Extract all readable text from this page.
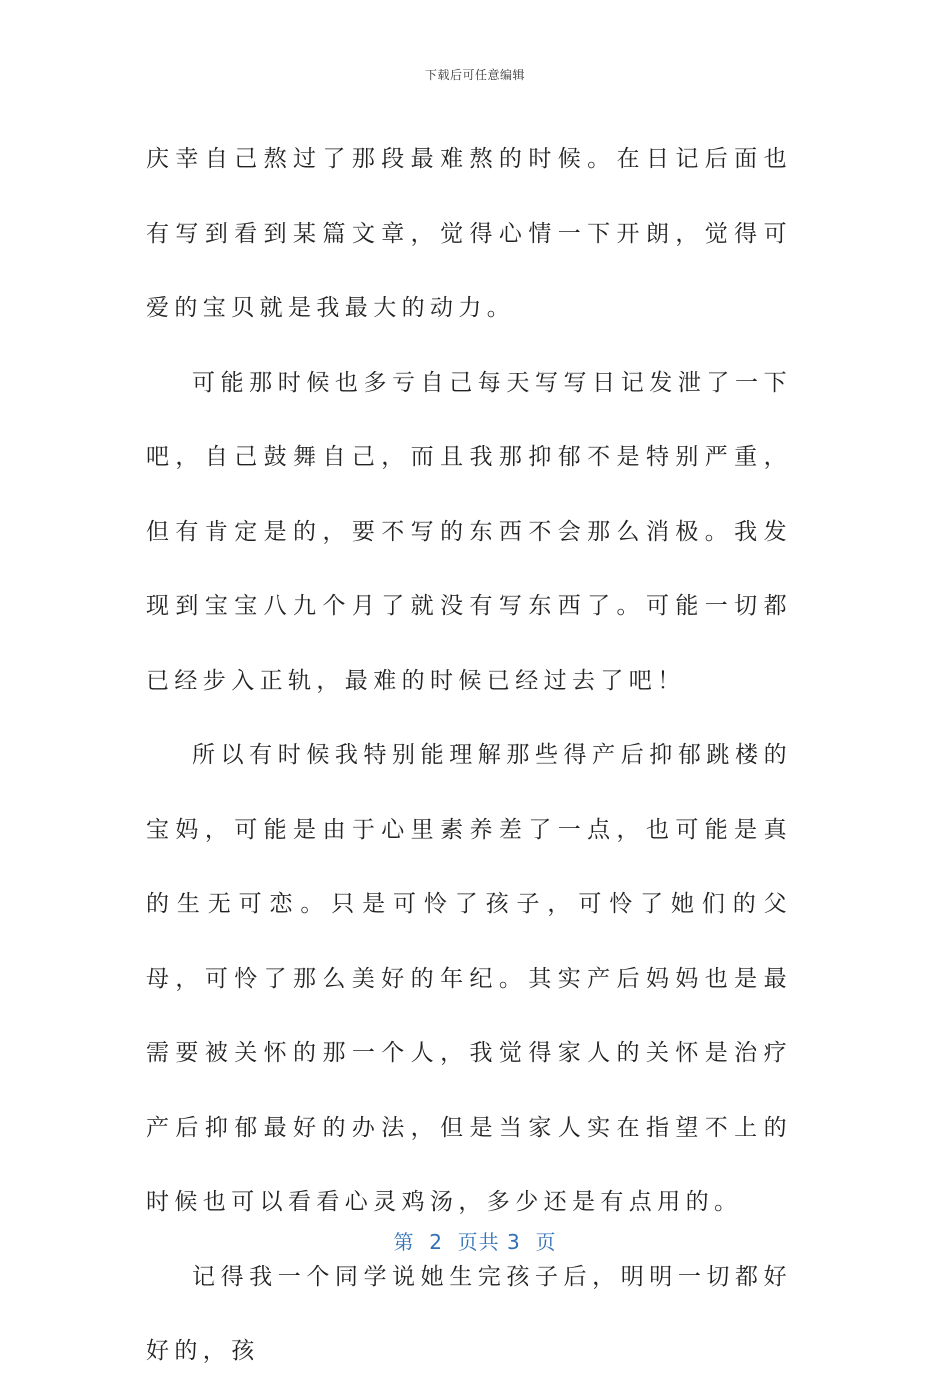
下载后可任意编辑

庆幸自己熬过了那段最难熬的时候。在日记后面也有写到看到某篇文章，觉得心情一下开朗，觉得可爱的宝贝就是我最大的动力。

可能那时候也多亏自己每天写写日记发泄了一下吧，自己鼓舞自己，而且我那抑郁不是特别严重，但有肯定是的，要不写的东西不会那么消极。我发现到宝宝八九个月了就没有写东西了。可能一切都已经步入正轨，最难的时候已经过去了吧！

所以有时候我特别能理解那些得产后抑郁跳楼的宝妈，可能是由于心里素养差了一点，也可能是真的生无可恋。只是可怜了孩子，可怜了她们的父母，可怜了那么美好的年纪。其实产后妈妈也是最需要被关怀的那一个人，我觉得家人的关怀是治疗产后抑郁最好的办法，但是当家人实在指望不上的时候也可以看看心灵鸡汤，多少还是有点用的。

记得我一个同学说她生完孩子后，明明一切都好好的，孩

第  2  页共 3  页
